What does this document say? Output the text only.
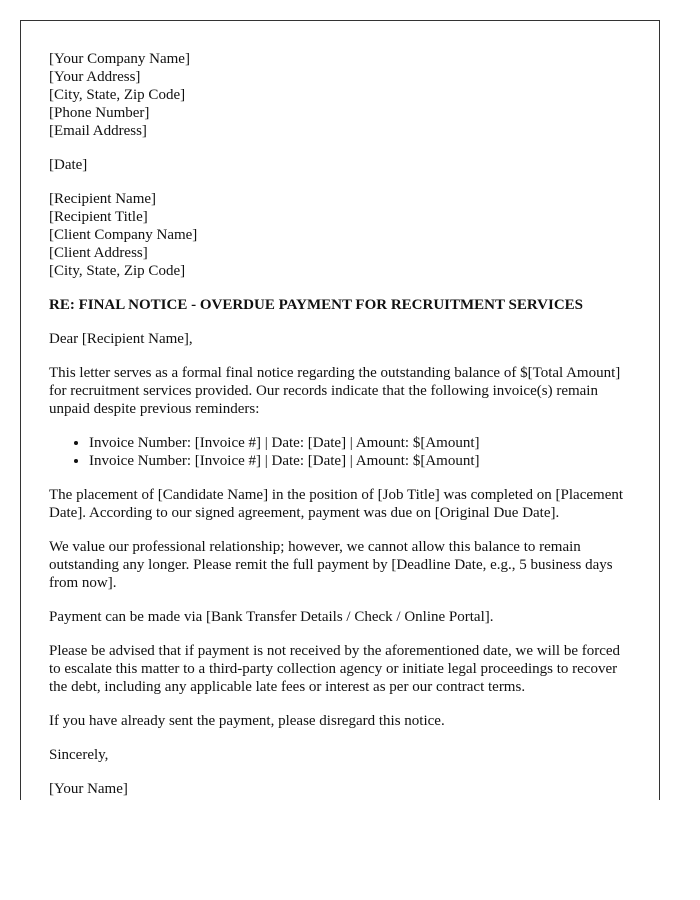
[Your Company Name]
[Your Address]
[City, State, Zip Code]
[Phone Number]
[Email Address]
[Date]
[Recipient Name]
[Recipient Title]
[Client Company Name]
[Client Address]
[City, State, Zip Code]
RE: FINAL NOTICE - OVERDUE PAYMENT FOR RECRUITMENT SERVICES

Dear [Recipient Name],

This letter serves as a formal final notice regarding the outstanding balance of $[Total Amount] for recruitment services provided. Our records indicate that the following invoice(s) remain unpaid despite previous reminders:

• Invoice Number: [Invoice #] | Date: [Date] | Amount: $[Amount]
• Invoice Number: [Invoice #] | Date: [Date] | Amount: $[Amount]

The placement of [Candidate Name] in the position of [Job Title] was completed on [Placement Date]. According to our signed agreement, payment was due on [Original Due Date].

We value our professional relationship; however, we cannot allow this balance to remain outstanding any longer. Please remit the full payment by [Deadline Date, e.g., 5 business days from now].

Payment can be made via [Bank Transfer Details / Check / Online Portal].

Please be advised that if payment is not received by the aforementioned date, we will be forced to escalate this matter to a third-party collection agency or initiate legal proceedings to recover the debt, including any applicable late fees or interest as per our contract terms.

If you have already sent the payment, please disregard this notice.

Sincerely,

[Your Name]
